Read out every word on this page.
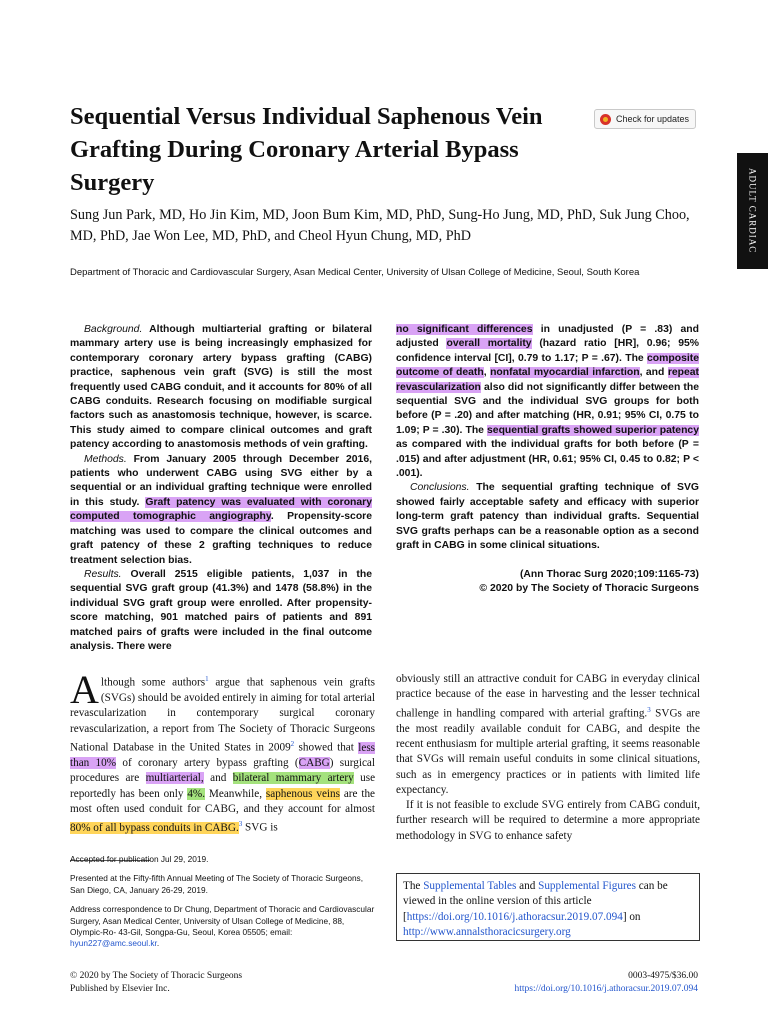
Sequential Versus Individual Saphenous Vein Grafting During Coronary Arterial Bypass Surgery
Check for updates
ADULT CARDIAC
Sung Jun Park, MD, Ho Jin Kim, MD, Joon Bum Kim, MD, PhD, Sung-Ho Jung, MD, PhD, Suk Jung Choo, MD, PhD, Jae Won Lee, MD, PhD, and Cheol Hyun Chung, MD, PhD
Department of Thoracic and Cardiovascular Surgery, Asan Medical Center, University of Ulsan College of Medicine, Seoul, South Korea

Background. Although multiarterial grafting or bilateral mammary artery use is being increasingly emphasized for contemporary coronary artery bypass grafting (CABG) practice, saphenous vein graft (SVG) is still the most frequently used CABG conduit, and it accounts for 80% of all CABG conduits. Research focusing on modifiable surgical factors such as anastomosis technique, however, is scarce. This study aimed to compare clinical outcomes and graft patency according to anastomosis methods of vein grafting.

Methods. From January 2005 through December 2016, patients who underwent CABG using SVG either by a sequential or an individual grafting technique were enrolled in this study. Graft patency was evaluated with coronary computed tomographic angiography. Propensity-score matching was used to compare the clinical outcomes and graft patency of these 2 grafting techniques to reduce treatment selection bias.

Results. Overall 2515 eligible patients, 1,037 in the sequential SVG graft group (41.3%) and 1478 (58.8%) in the individual SVG graft group were enrolled. After propensity-score matching, 901 matched pairs of patients and 891 matched pairs of grafts were included in the final outcome analysis. There were

no significant differences in unadjusted (P = .83) and adjusted overall mortality (hazard ratio [HR], 0.96; 95% confidence interval [CI], 0.79 to 1.17; P = .67). The composite outcome of death, nonfatal myocardial infarction, and repeat revascularization also did not significantly differ between the sequential SVG and the individual SVG groups for both before (P = .20) and after matching (HR, 0.91; 95% CI, 0.75 to 1.09; P = .30). The sequential grafts showed superior patency as compared with the individual grafts for both before (P = .015) and after adjustment (HR, 0.61; 95% CI, 0.45 to 0.82; P < .001).

Conclusions. The sequential grafting technique of SVG showed fairly acceptable safety and efficacy with superior long-term graft patency than individual grafts. Sequential SVG grafts perhaps can be a reasonable option as a second graft in CABG in some clinical situations.

(Ann Thorac Surg 2020;109:1165-73)

© 2020 by The Society of Thoracic Surgeons

Although some authors$^1$ argue that saphenous vein grafts (SVGs) should be avoided entirely in aiming for total arterial revascularization in contemporary surgical coronary revascularization, a report from The Society of Thoracic Surgeons National Database in the United States in 2009$^2$ showed that less than 10% of coronary artery bypass grafting (CABG) surgical procedures are multiarterial, and bilateral mammary artery use reportedly has been only 4%. Meanwhile, saphenous veins are the most often used conduit for CABG, and they account for almost 80% of all bypass conduits in CABG.$^3$ SVG is

obviously still an attractive conduit for CABG in everyday clinical practice because of the ease in harvesting and the lesser technical challenge in handling compared with arterial grafting.$^3$ SVGs are the most readily available conduit for CABG, and despite the recent enthusiasm for multiple arterial grafting, it seems reasonable that SVGs will remain useful conduits in some clinical situations, such as in emergency practices or in patients with limited life expectancy.

If it is not feasible to exclude SVG entirely from CABG conduit, further research will be required to determine a more appropriate methodology in SVG to enhance safety

Accepted for publication Jul 29, 2019.

Presented at the Fifty-fifth Annual Meeting of The Society of Thoracic Surgeons, San Diego, CA, January 26-29, 2019.

Address correspondence to Dr Chung, Department of Thoracic and Cardiovascular Surgery, Asan Medical Center, University of Ulsan College of Medicine, 88, Olympic-Ro- 43-Gil, Songpa-Gu, Seoul, Korea 05505; email: hyun227@amc.seoul.kr.

The Supplemental Tables and Supplemental Figures can be viewed in the online version of this article [https://doi.org/10.1016/j.athoracsur.2019.07.094] on http://www.annalsthoracicsurgery.org
© 2020 by The Society of Thoracic Surgeons
Published by Elsevier Inc.
0003-4975/$36.00
https://doi.org/10.1016/j.athoracsur.2019.07.094
